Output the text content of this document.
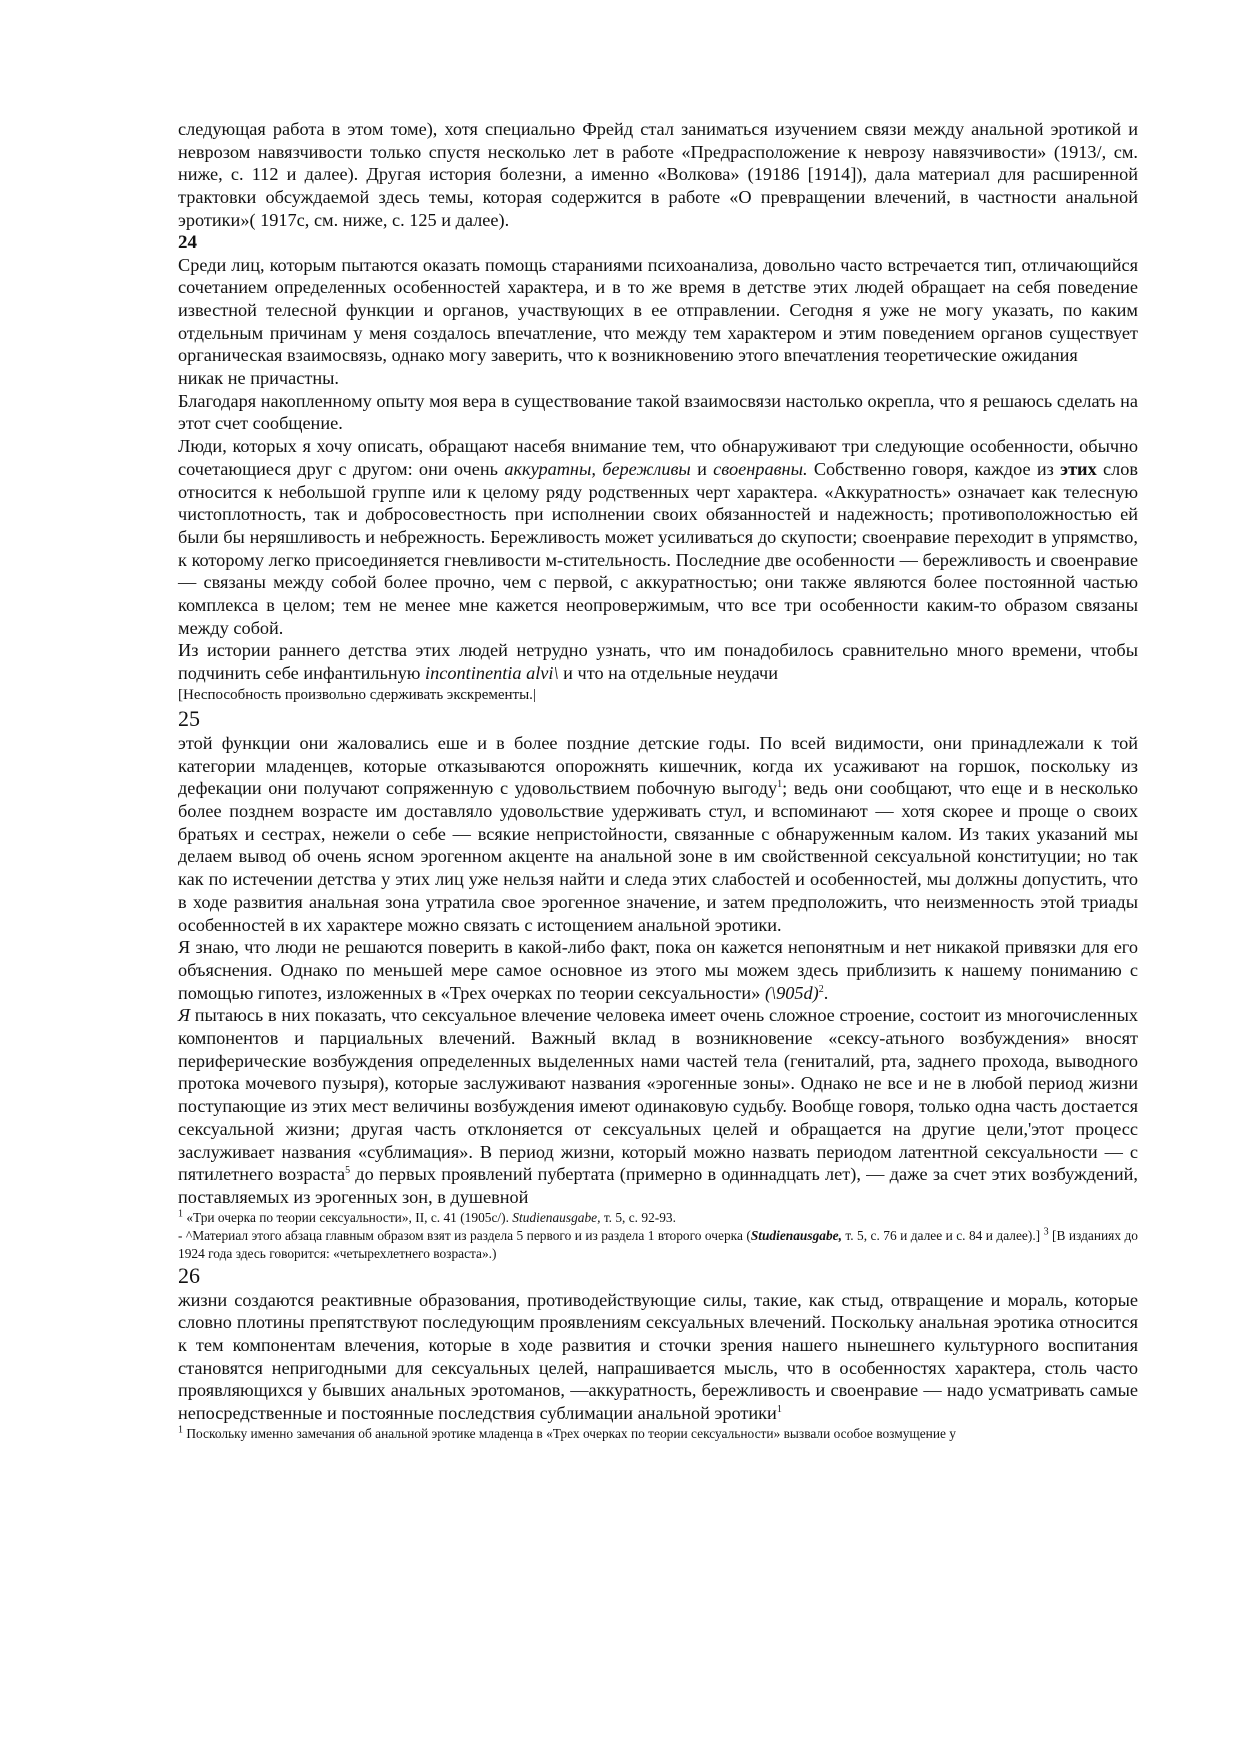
следующая работа в этом томе), хотя специально Фрейд стал заниматься изучением связи между анальной эротикой и неврозом навязчивости только спустя несколько лет в работе «Предрасположение к неврозу навязчивости» (1913/, см. ниже, с. 112 и далее). Другая история болезни, а именно «Волкова» (19186 [1914]), дала материал для расширенной трактовки обсуждаемой здесь темы, которая содержится в работе «О превращении влечений, в частности анальной эротики»( 1917с, см. ниже, с. 125 и далее).

24

Среди лиц, которым пытаются оказать помощь стараниями психоанализа, довольно часто встречается тип, отличающийся сочетанием определенных особенностей характера, и в то же время в детстве этих людей обращает на себя поведение известной телесной функции и органов, участвующих в ее отправлении. Сегодня я уже не могу указать, по каким отдельным причинам у меня создалось впечатление, что между тем характером и этим поведением органов существует органическая взаимосвязь, однако могу заверить, что к возникновению этого впечатления теоретические ожидания

никак не причастны.

Благодаря накопленному опыту моя вера в существование такой взаимосвязи настолько окрепла, что я решаюсь сделать на этот счет сообщение.

Люди, которых я хочу описать, обращают насебя внимание тем, что обнаруживают три следующие особенности, обычно сочетающиеся друг с другом: они очень аккуратны, бережливы и своенравны. Собственно говоря, каждое из этих слов относится к небольшой группе или к целому ряду родственных черт характера. «Аккуратность» означает как телесную чистоплотность, так и добросовестность при исполнении своих обязанностей и надежность; противоположностью ей были бы неряшливость и небрежность. Бережливость может усиливаться до скупости; своенравие переходит в упрямство, к которому легко присоединяется гневливости м-стительность. Последние две особенности — бережливость и своенравие — связаны между собой более прочно, чем с первой, с аккуратностью; они также являются более постоянной частью комплекса в целом; тем не менее мне кажется неопровержимым, что все три особенности каким-то образом связаны между собой.

Из истории раннего детства этих людей нетрудно узнать, что им понадобилось сравнительно много времени, чтобы подчинить себе инфантильную incontinentia alvi\ и что на отдельные неудачи

[Неспособность произвольно сдерживать экскременты.|
25

этой функции они жаловались еше и в более поздние детские годы. По всей видимости, они принадлежали к той категории младенцев, которые отказываются опорожнять кишечник, когда их усаживают на горшок, поскольку из дефекации они получают сопряженную с удовольствием побочную выгоду$^1$; ведь они сообщают, что еще и в несколько более позднем возрасте им доставляло удовольствие удерживать стул, и вспоминают — хотя скорее и проще о своих братьях и сестрах, нежели о себе — всякие непристойности, связанные с обнаруженным калом. Из таких указаний мы делаем вывод об очень ясном эрогенном акценте на анальной зоне в им свойственной сексуальной конституции; но так как по истечении детства у этих лиц уже нельзя найти и следа этих слабостей и особенностей, мы должны допустить, что в ходе развития анальная зона утратила свое эрогенное значение, и затем предположить, что неизменность этой триады особенностей в их характере можно связать с истощением анальной эротики.

Я знаю, что люди не решаются поверить в какой-либо факт, пока он кажется непонятным и нет никакой привязки для его объяснения. Однако по меньшей мере самое основное из этого мы можем здесь приблизить к нашему пониманию с помощью гипотез, изложенных в «Трех очерках по теории сексуальности» (\905d)$^2$.

Я пытаюсь в них показать, что сексуальное влечение человека имеет очень сложное строение, состоит из многочисленных компонентов и парциальных влечений. Важный вклад в возникновение «сексу-атьного возбуждения» вносят периферические возбуждения определенных выделенных нами частей тела (гениталий, рта, заднего прохода, выводного протока мочевого пузыря), которые заслуживают названия «эрогенные зоны». Однако не все и не в любой период жизни поступающие из этих мест величины возбуждения имеют одинаковую судьбу. Вообще говоря, только одна часть достается сексуальной жизни; другая часть отклоняется от сексуальных целей и обращается на другие цели,'этот процесс заслуживает названия «сублимация». В период жизни, который можно назвать периодом латентной сексуальности — с пятилетнего возраста$^5$ до первых проявлений пубертата (примерно в одиннадцать лет), — даже за счет этих возбуждений, поставляемых из эрогенных зон, в душевной

$^1$ «Три очерка по теории сексуальности», II, с. 41 (1905с/). Studienausgabe, т. 5, с. 92-93.

- ^Материал этого абзаца главным образом взят из раздела 5 первого и из раздела 1 второго очерка (Studienausgabe, т. 5, с. 76 и далее и с. 84 и далее).] $^3$ [В изданиях до 1924 года здесь говорится: «четырехлетнего возраста».)

26

жизни создаются реактивные образования, противодействующие силы, такие, как стыд, отвращение и мораль, которые словно плотины препятствуют последующим проявлениям сексуальных влечений. Поскольку анальная эротика относится к тем компонентам влечения, которые в ходе развития и сточки зрения нашего нынешнего культурного воспитания становятся непригодными для сексуальных целей, напрашивается мысль, что в особенностях характера, столь часто проявляющихся у бывших анальных эротоманов, —аккуратность, бережливость и своенравие — надо усматривать самые непосредственные и постоянные последствия сублимации анальной эротики$^1$

$^1$ Поскольку именно замечания об анальной эротике младенца в «Трех очерках по теории сексуальности» вызвали особое возмущение у
